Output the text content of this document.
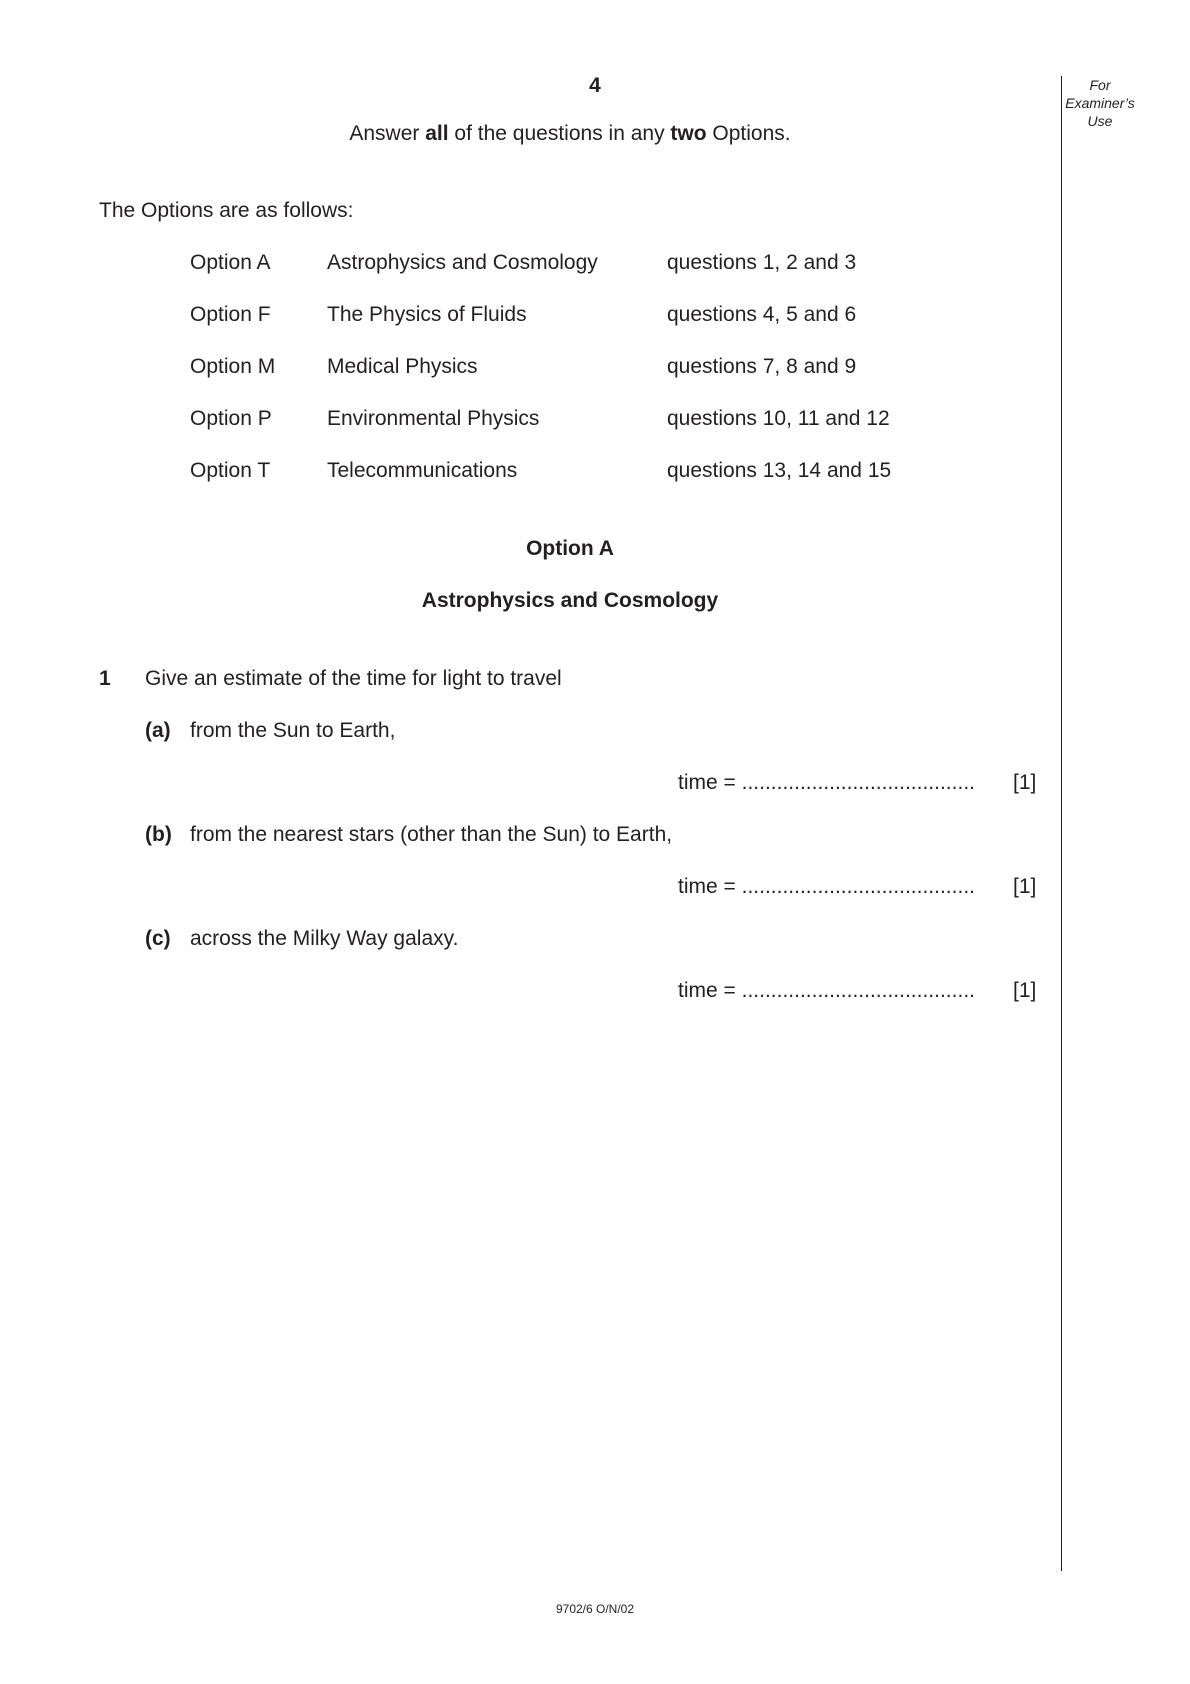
4	For
Examiner’s
Use
Answer all of the questions in any two Options.
The Options are as follows:
Option A	Astrophysics and Cosmology	questions 1, 2 and 3
Option F	The Physics of Fluids	questions 4, 5 and 6
Option M Medical Physics	questions 7, 8 and 9
Option P	Environmental Physics	questions 10, 11 and 12
Option T	Telecommunications	questions 13, 14 and 15
Option A
Astrophysics and Cosmology
1 Give an estimate of the time for light to travel
(a) from the Sun to Earth,
time = ........................................ [1]
(b) from the nearest stars (other than the Sun) to Earth,
time = ........................................ [1]
(c) across the Milky Way galaxy.
time = ........................................ [1]
9702/6 O/N/02
